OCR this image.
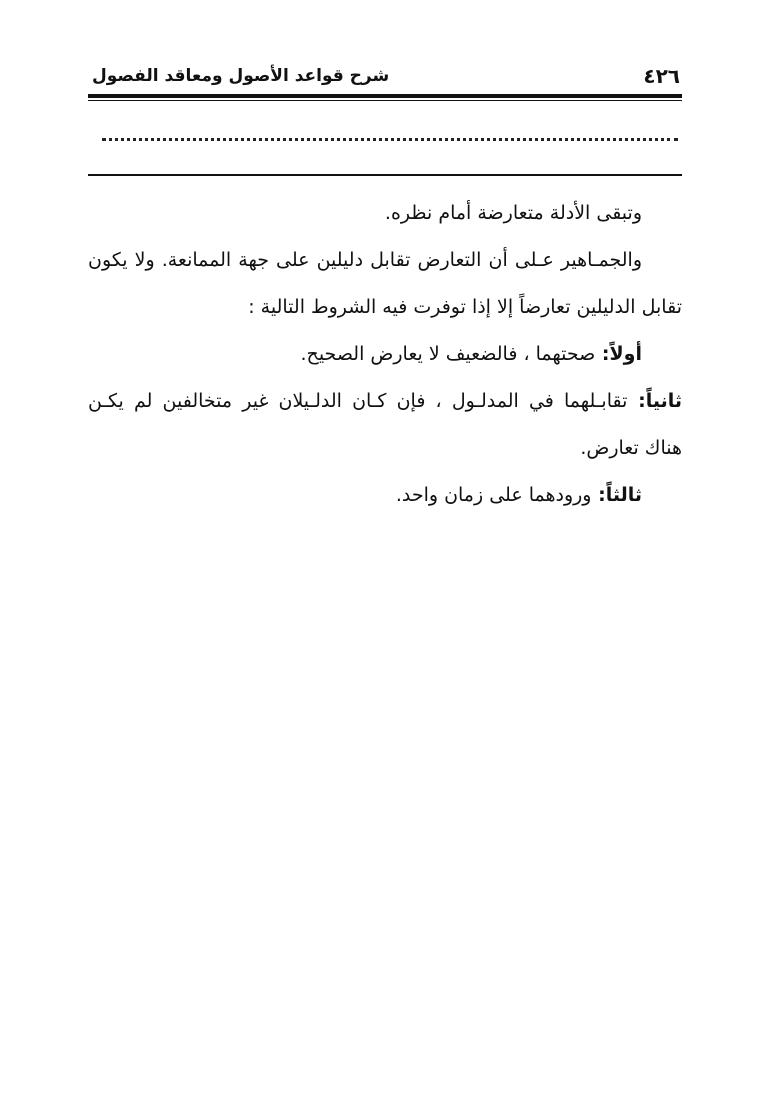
٤٢٦
شرح قواعد الأصول ومعاقد الفصول
وتبقى الأدلة متعارضة أمام نظره.
والجمـاهير عـلى أن التعارض تقابل دليلين على جهة الممانعة. ولا يكون
تقابل الدليلين تعارضاً إلا إذا توفرت فيه الشروط التالية :
أولاً: صحتهما ، فالضعيف لا يعارض الصحيح.
ثانياً: تقابـلهما في المدلـول ، فإن كـان الدلـيلان غير متخالفين لم يكـن
هناك تعارض.
ثالثاً: ورودهما على زمان واحد.
